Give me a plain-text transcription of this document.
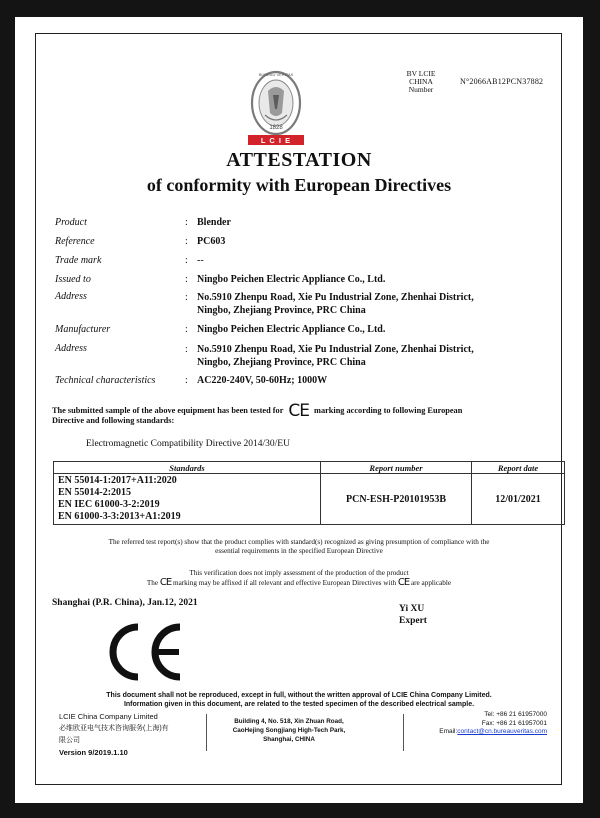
BUREAU VERITAS
1828
L C I E
BV LCIE
CHINA
Number
N°2066AB12PCN37882
ATTESTATION
of conformity with European Directives
Product	: Blender
Reference	: PC603
Trade mark	: --
Issued to	: Ningbo Peichen Electric Appliance Co., Ltd.
Address	: No.5910 Zhenpu Road, Xie Pu Industrial Zone, Zhenhai District,
Ningbo, Zhejiang Province, PRC China
Manufacturer	: Ningbo Peichen Electric Appliance Co., Ltd.
Address	: No.5910 Zhenpu Road, Xie Pu Industrial Zone, Zhenhai District,
Ningbo, Zhejiang Province, PRC China
Technical characteristics	: AC220-240V, 50-60Hz; 1000W
The submitted sample of the above equipment has been tested for CE marking according to following European
Directive and following standards:
Electromagnetic Compatibility Directive 2014/30/EU
Standards	Report number	Report date

EN 55014-1:2017+A11:2020
EN 55014-2:2015
EN IEC 61000-3-2:2019
EN 61000-3-3:2013+A1:2019	PCN-ESH-P20101953B	12/01/2021
The referred test report(s) show that the product complies with standard(s) recognized as giving presumption of compliance with the
essential requirements in the specified European Directive
This verification does not imply assessment of the production of the product
The CE marking may be affixed if all relevant and effective European Directives with CE are applicable
Shanghai (P.R. China), Jan.12, 2021
Yi XU
Expert
This document shall not be reproduced, except in full, without the written approval of LCIE China Company Limited.
Information given in this document, are related to the tested specimen of the described electrical sample.
LCIE China Company Limited
必维欧亚电气技术咨询服务(上海)有
限公司
Version 9/2019.1.10
Building 4, No. 518, Xin Zhuan Road,
CaoHejing Songjiang High-Tech Park,
Shanghai, CHINA
Tel: +86 21 61957000
Fax: +86 21 61957001
Email:contact@cn.bureauveritas.com
